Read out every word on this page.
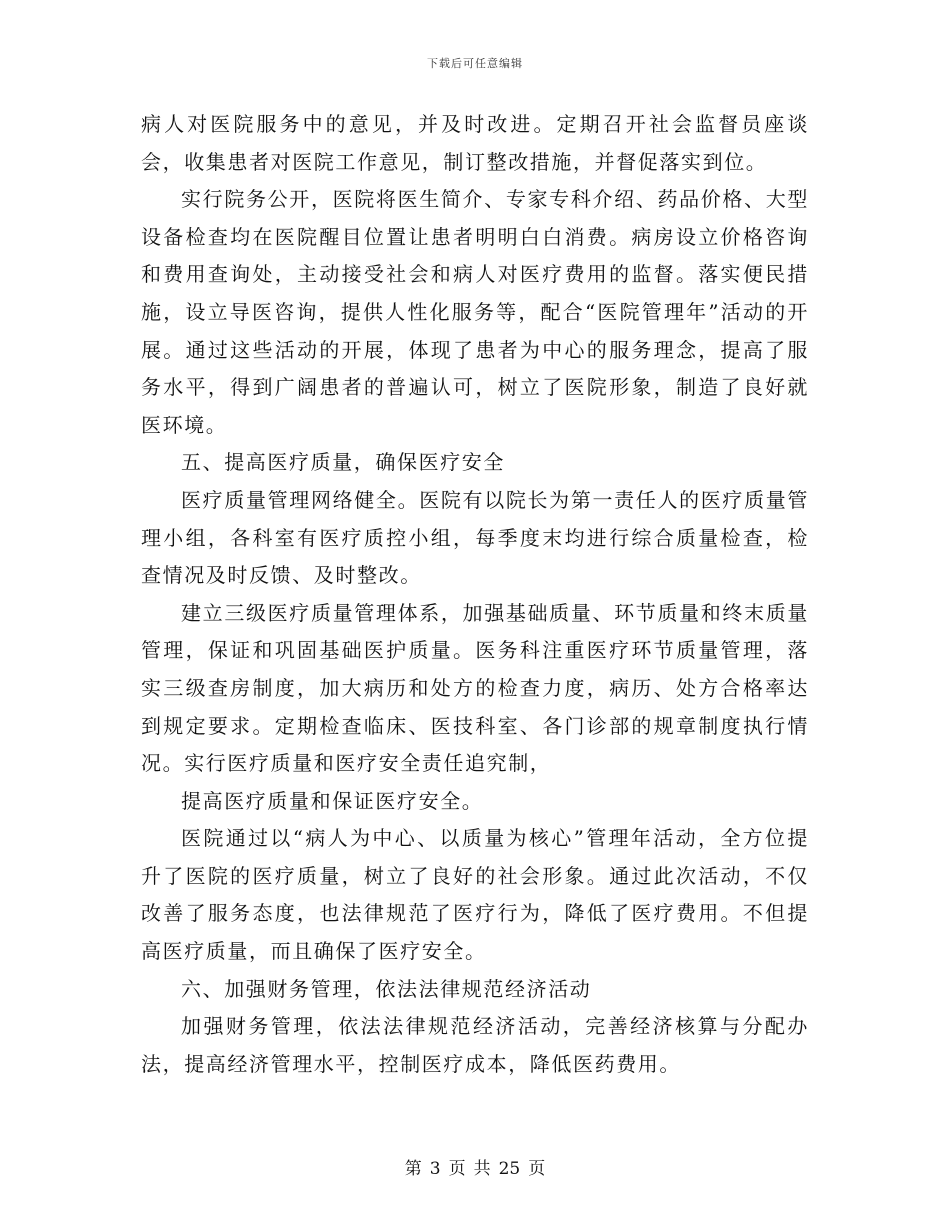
下载后可任意编辑

病人对医院服务中的意见，并及时改进。定期召开社会监督员座谈会，收集患者对医院工作意见，制订整改措施，并督促落实到位。

实行院务公开，医院将医生简介、专家专科介绍、药品价格、大型设备检查均在医院醒目位置让患者明明白白消费。病房设立价格咨询和费用查询处，主动接受社会和病人对医疗费用的监督。落实便民措施，设立导医咨询，提供人性化服务等，配合“医院管理年”活动的开展。通过这些活动的开展，体现了患者为中心的服务理念，提高了服务水平，得到广阔患者的普遍认可，树立了医院形象，制造了良好就医环境。

五、提高医疗质量，确保医疗安全

医疗质量管理网络健全。医院有以院长为第一责任人的医疗质量管理小组，各科室有医疗质控小组，每季度末均进行综合质量检查，检查情况及时反馈、及时整改。

建立三级医疗质量管理体系，加强基础质量、环节质量和终末质量管理，保证和巩固基础医护质量。医务科注重医疗环节质量管理，落实三级查房制度，加大病历和处方的检查力度，病历、处方合格率达到规定要求。定期检查临床、医技科室、各门诊部的规章制度执行情况。实行医疗质量和医疗安全责任追究制，

提高医疗质量和保证医疗安全。

医院通过以“病人为中心、以质量为核心”管理年活动，全方位提升了医院的医疗质量，树立了良好的社会形象。通过此次活动，不仅改善了服务态度，也法律规范了医疗行为，降低了医疗费用。不但提高医疗质量，而且确保了医疗安全。

六、加强财务管理，依法法律规范经济活动

加强财务管理，依法法律规范经济活动，完善经济核算与分配办法，提高经济管理水平，控制医疗成本，降低医药费用。

第 3 页 共 25 页
